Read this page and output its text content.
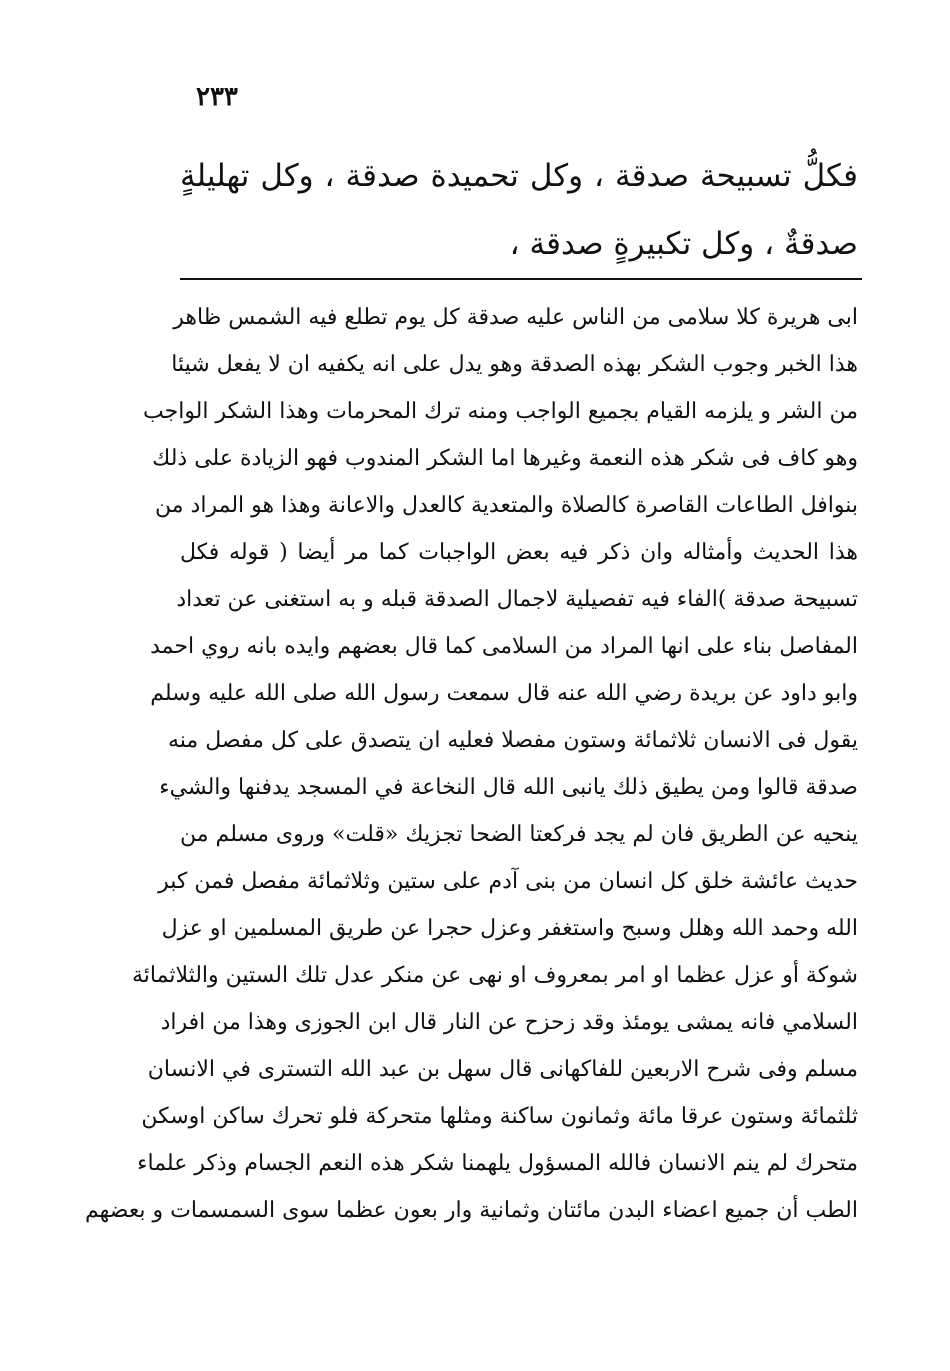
٢٣٣
فكلُّ تسبيحة صدقة ، وكل تحميدة صدقة ، وكل تهليلةٍ صدقةٌ ، وكل تكبيرةٍ صدقة ،
ابى هريرة كلا سلامى من الناس عليه صدقة كل يوم تطلع فيه الشمس ظاهر
هذا الخبر وجوب الشكر بهذه الصدقة وهو يدل على انه يكفيه ان لا يفعل شيئا
من الشر و يلزمه القيام بجميع الواجب ومنه ترك المحرمات وهذا الشكر الواجب
وهو كاف فى شكر هذه النعمة وغيرها اما الشكر المندوب فهو الزيادة على ذلك
بنوافل الطاعات القاصرة كالصلاة والمتعدية كالعدل والاعانة وهذا هو المراد من
هذا الحديث وأمثاله وان ذكر فيه بعض الواجبات كما مر أيضا ( قوله فكل
تسبيحة صدقة )الفاء فيه تفصيلية لاجمال الصدقة قبله و به استغنى عن تعداد
المفاصل بناء على انها المراد من السلامى كما قال بعضهم وايده بانه روي احمد
وابو داود عن بريدة رضي الله عنه قال سمعت رسول الله صلى الله عليه وسلم
يقول فى الانسان ثلاثمائة وستون مفصلا فعليه ان يتصدق على كل مفصل منه
صدقة قالوا ومن يطيق ذلك يانبى الله قال النخاعة في المسجد يدفنها والشيء
ينحيه عن الطريق فان لم يجد فركعتا الضحا تجزيك «قلت» وروى مسلم من
حديث عائشة خلق كل انسان من بنى آدم على ستين وثلاثمائة مفصل فمن كبر
الله وحمد الله وهلل وسبح واستغفر وعزل حجرا عن طريق المسلمين او عزل
شوكة أو عزل عظما او امر بمعروف او نهى عن منكر عدل تلك الستين والثلاثمائة
السلامي فانه يمشى يومئذ وقد زحزح عن النار قال ابن الجوزى وهذا من افراد
مسلم وفى شرح الاربعين للفاكهانى قال سهل بن عبد الله التسترى في الانسان
ثلثمائة وستون عرقا مائة وثمانون ساكنة ومثلها متحركة فلو تحرك ساكن اوسكن
متحرك لم ينم الانسان فالله المسؤول يلهمنا شكر هذه النعم الجسام وذكر علماء
الطب أن جميع اعضاء البدن مائتان وثمانية وار بعون عظما سوى السمسمات و بعضهم
